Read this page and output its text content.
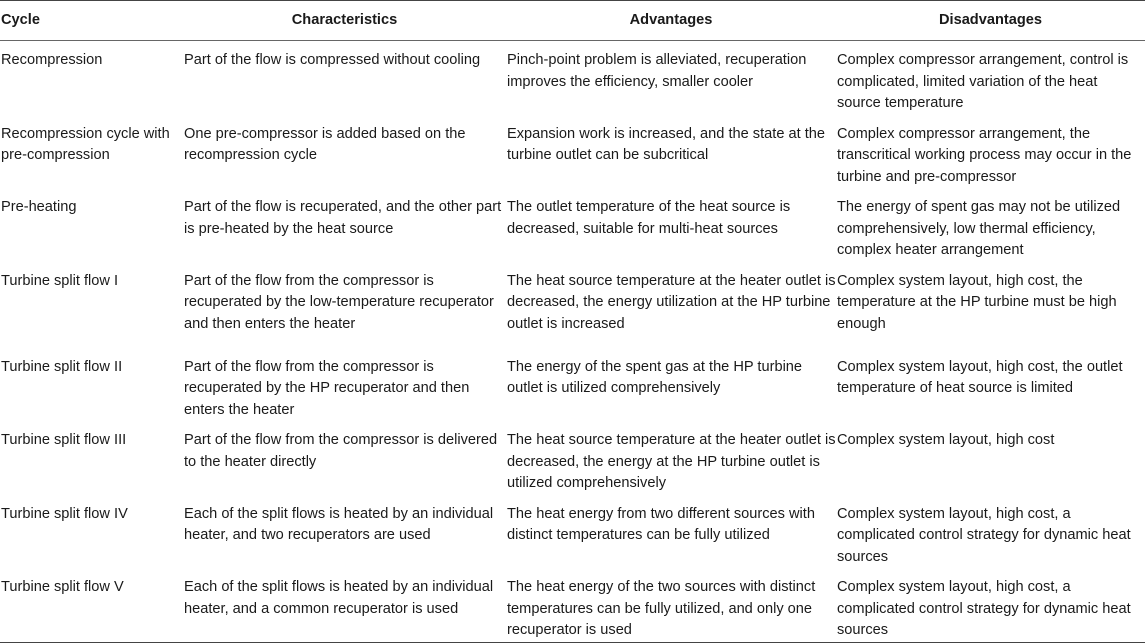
Cycle	Characteristics	Advantages	Disadvantages
Recompression	Part of the flow is compressed without cooling	Pinch-point problem is alleviated, recuperation improves the efficiency, smaller cooler	Complex compressor arrangement, control is complicated, limited variation of the heat source temperature
Recompression cycle with pre-compression	One pre-compressor is added based on the recompression cycle	Expansion work is increased, and the state at the turbine outlet can be subcritical	Complex compressor arrangement, the transcritical working process may occur in the turbine and pre-compressor
Pre-heating	Part of the flow is recuperated, and the other part is pre-heated by the heat source	The outlet temperature of the heat source is decreased, suitable for multi-heat sources	The energy of spent gas may not be utilized comprehensively, low thermal efficiency, complex heater arrangement
Turbine split flow I	Part of the flow from the compressor is recuperated by the low-temperature recuperator and then enters the heater	The heat source temperature at the heater outlet is decreased, the energy utilization at the HP turbine outlet is increased	Complex system layout, high cost, the temperature at the HP turbine must be high enough
Turbine split flow II	Part of the flow from the compressor is recuperated by the HP recuperator and then enters the heater	The energy of the spent gas at the HP turbine outlet is utilized comprehensively	Complex system layout, high cost, the outlet temperature of heat source is limited
Turbine split flow III	Part of the flow from the compressor is delivered to the heater directly	The heat source temperature at the heater outlet is decreased, the energy at the HP turbine outlet is utilized comprehensively	Complex system layout, high cost
Turbine split flow IV	Each of the split flows is heated by an individual heater, and two recuperators are used	The heat energy from two different sources with distinct temperatures can be fully utilized	Complex system layout, high cost, a complicated control strategy for dynamic heat sources
Turbine split flow V	Each of the split flows is heated by an individual heater, and a common recuperator is used	The heat energy of the two sources with distinct temperatures can be fully utilized, and only one recuperator is used	Complex system layout, high cost, a complicated control strategy for dynamic heat sources
